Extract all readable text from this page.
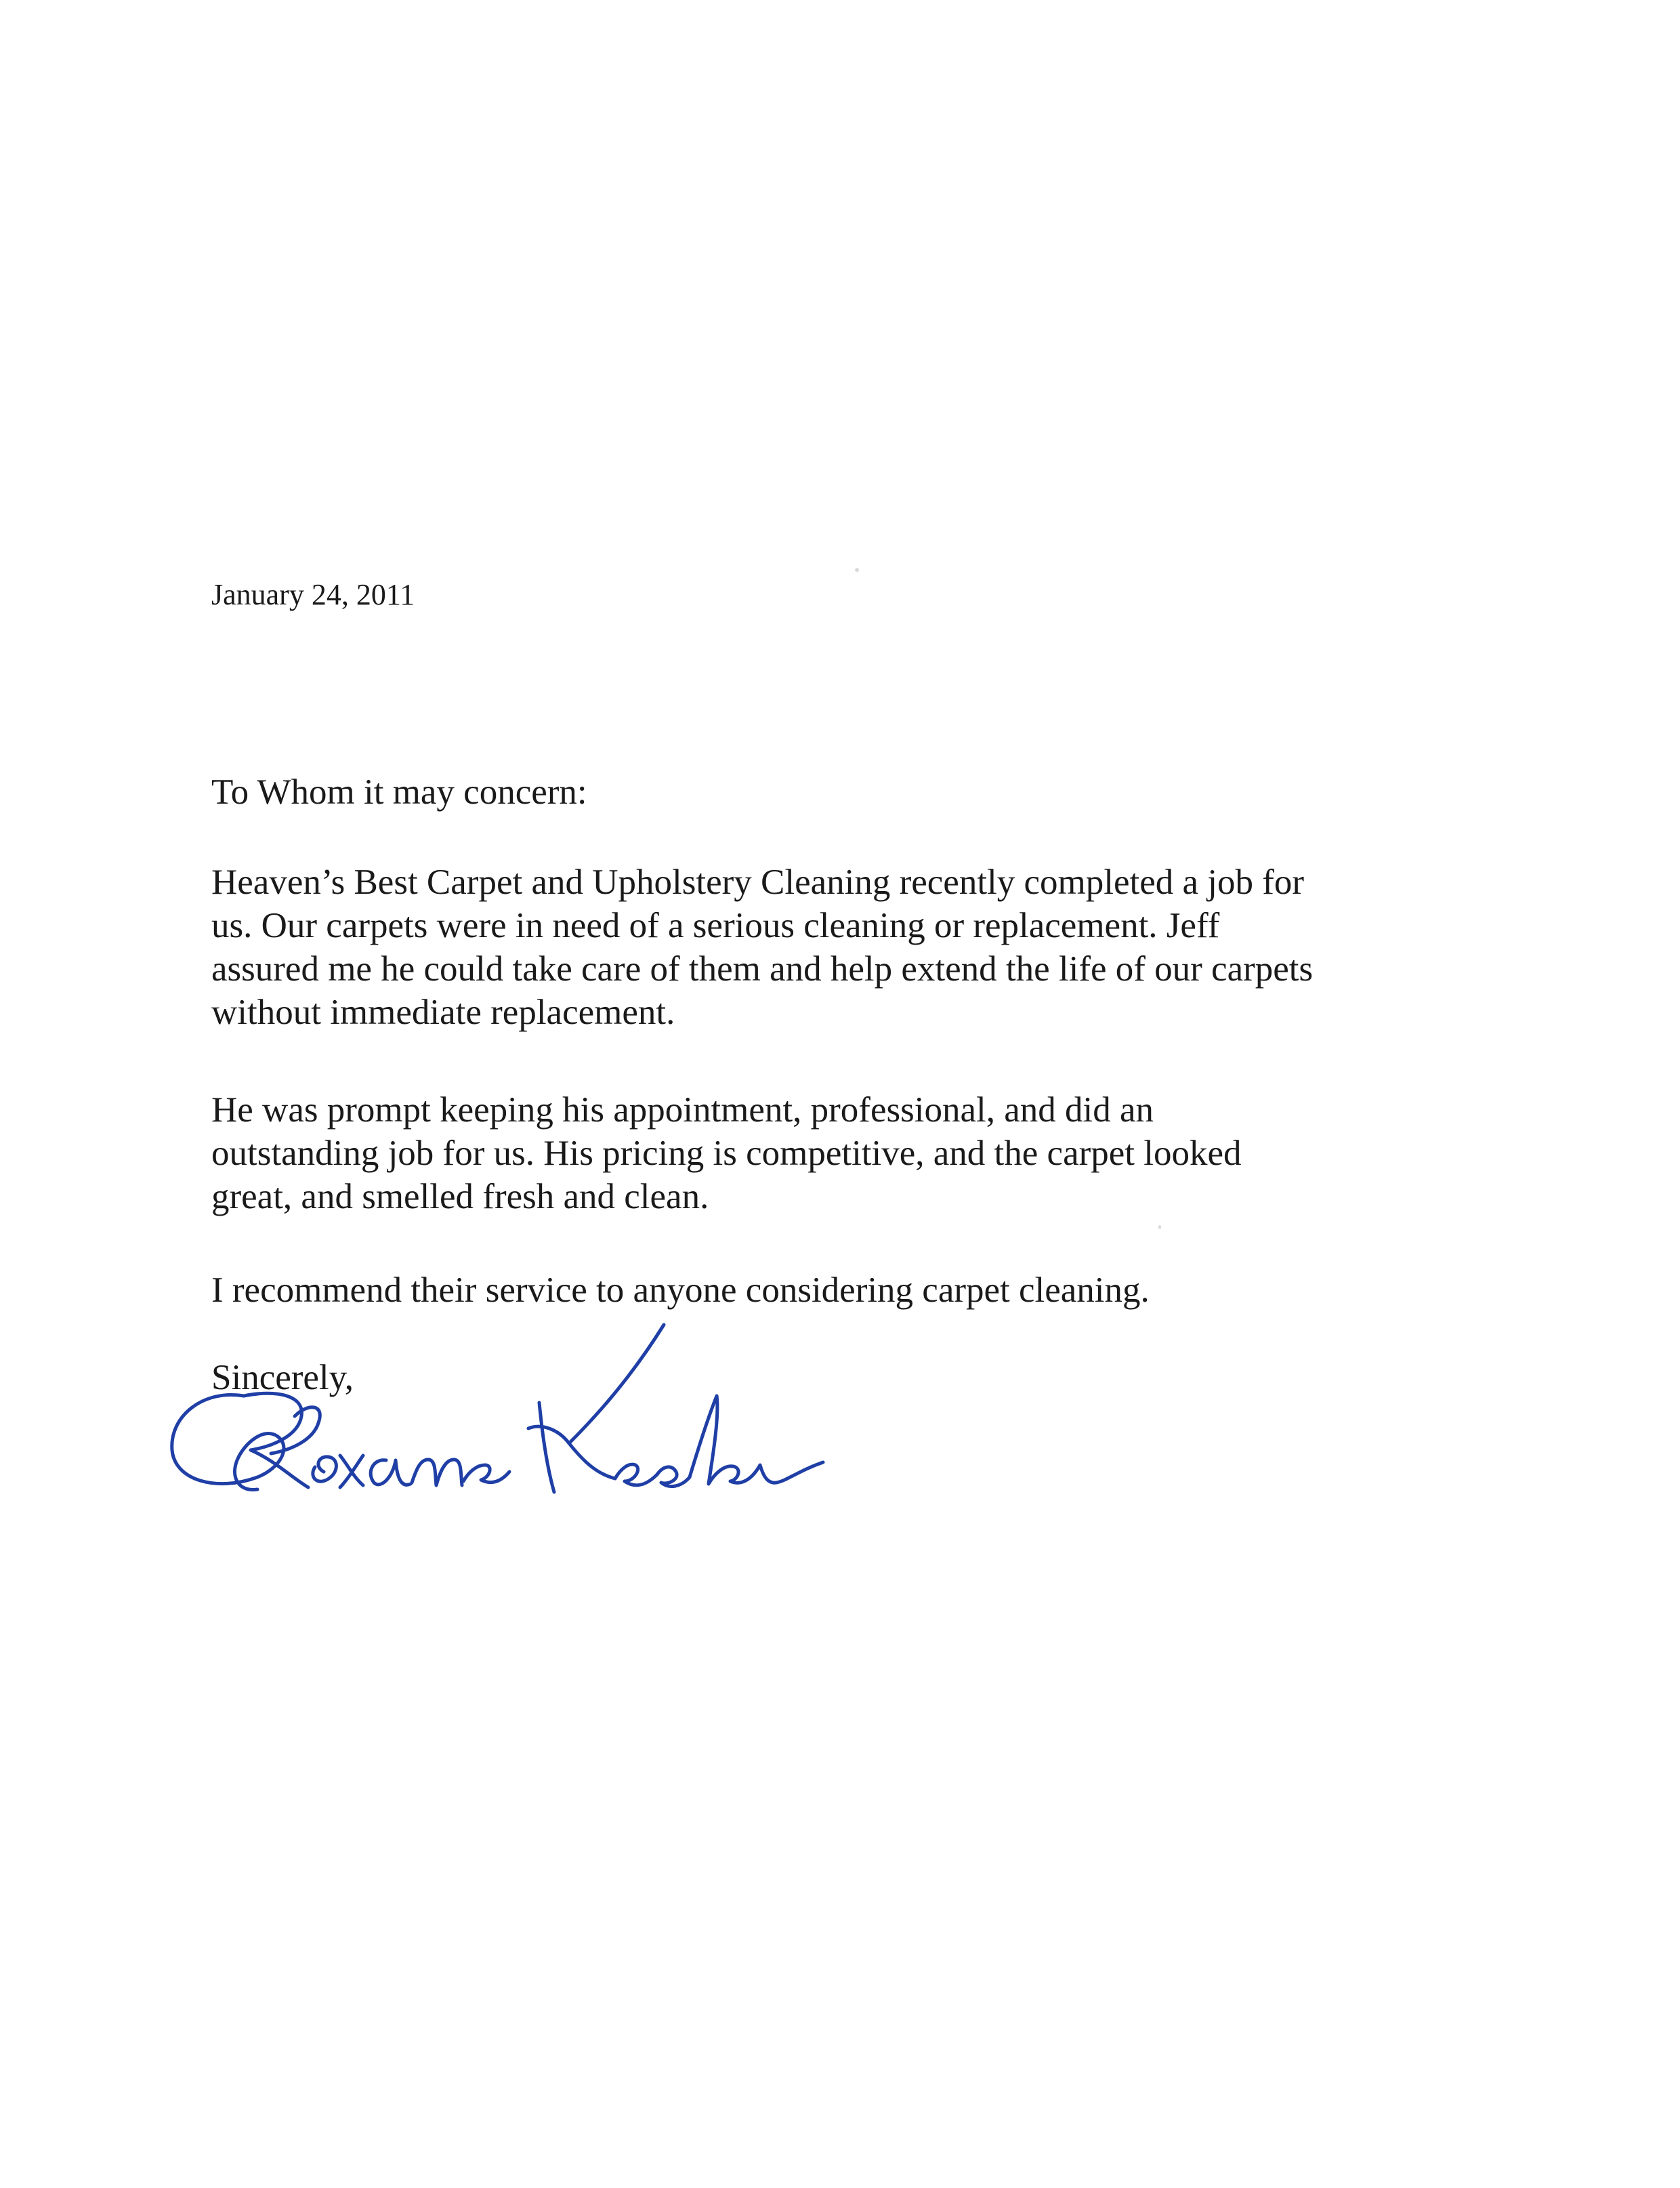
January 24, 2011
To Whom it may concern:
Heaven’s Best Carpet and Upholstery Cleaning recently completed a job for
us. Our carpets were in need of a serious cleaning or replacement. Jeff
assured me he could take care of them and help extend the life of our carpets
without immediate replacement.
He was prompt keeping his appointment, professional, and did an
outstanding job for us. His pricing is competitive, and the carpet looked
great, and smelled fresh and clean.
I recommend their service to anyone considering carpet cleaning.
Sincerely,
